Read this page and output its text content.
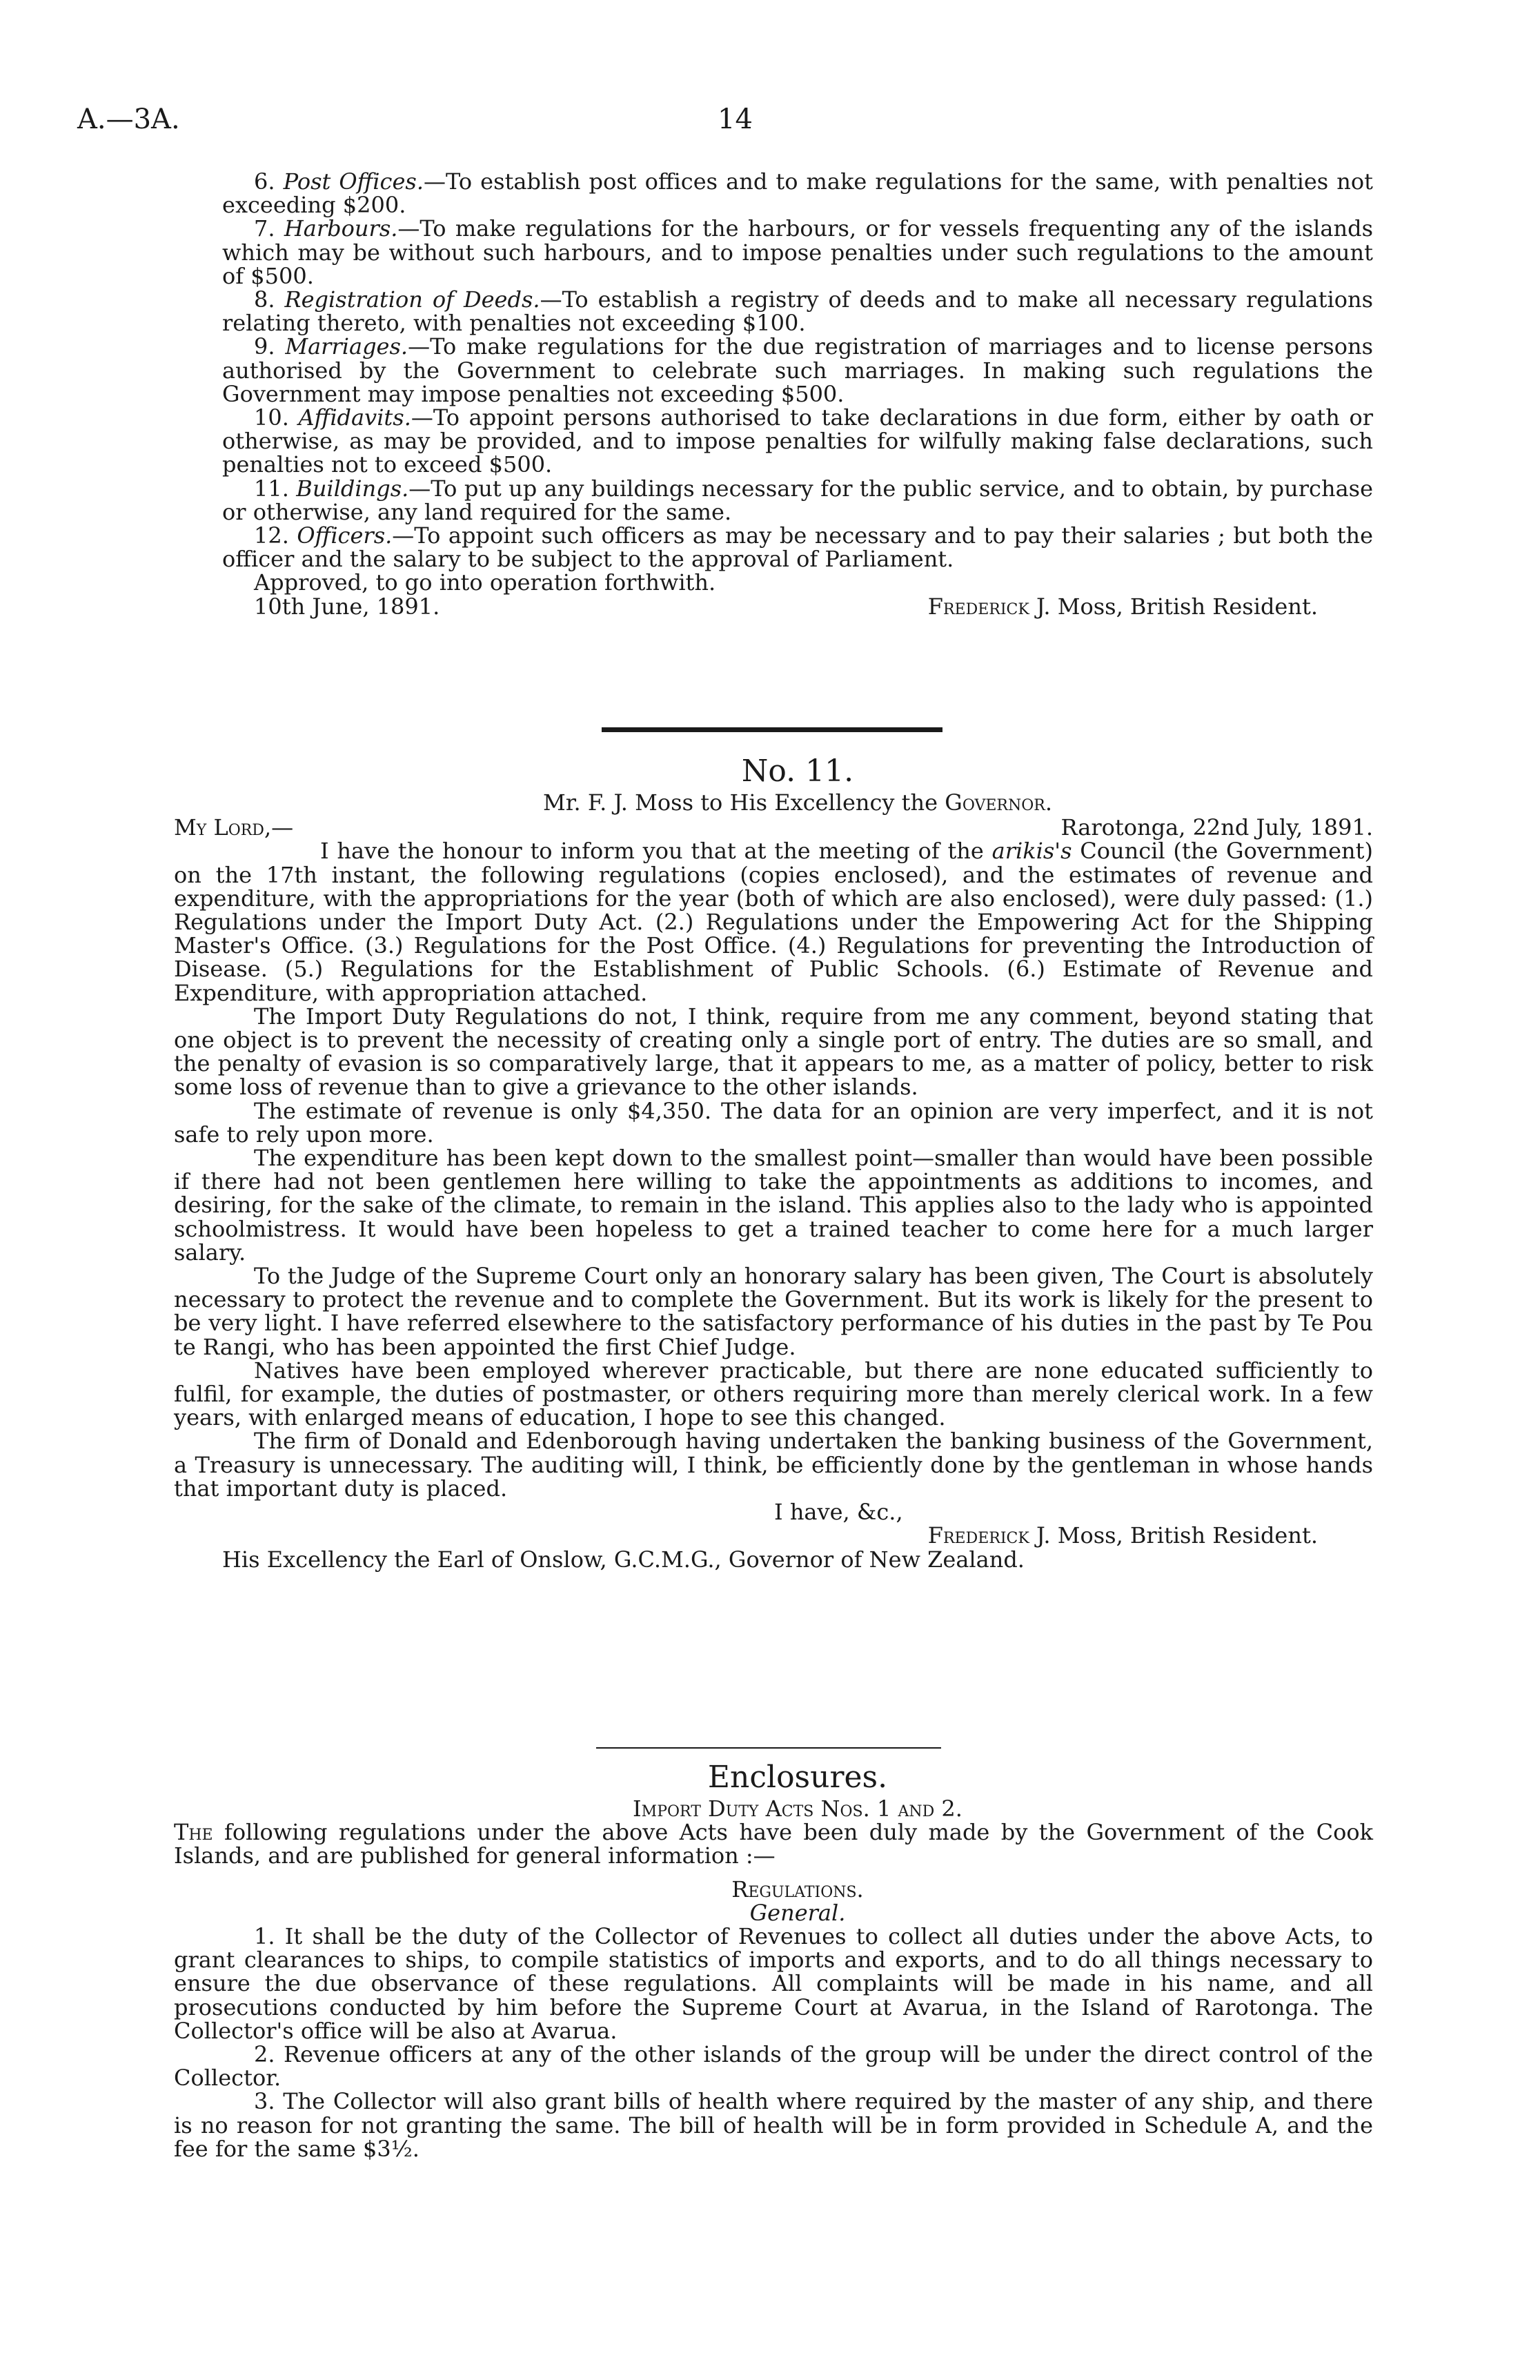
A.—3A.	14

6. Post Offices.—To establish post offices and to make regulations for the same, with penalties not exceeding $200.

7. Harbours.—To make regulations for the harbours, or for vessels frequenting any of the islands which may be without such harbours, and to impose penalties under such regulations to the amount of $500.

8. Registration of Deeds.—To establish a registry of deeds and to make all necessary regulations relating thereto, with penalties not exceeding $100.

9. Marriages.—To make regulations for the due registration of marriages and to license persons authorised by the Government to celebrate such marriages. In making such regulations the Government may impose penalties not exceeding $500.

10. Affidavits.—To appoint persons authorised to take declarations in due form, either by oath or otherwise, as may be provided, and to impose penalties for wilfully making false declarations, such penalties not to exceed $500.

11. Buildings.—To put up any buildings necessary for the public service, and to obtain, by purchase or otherwise, any land required for the same.

12. Officers.—To appoint such officers as may be necessary and to pay their salaries ; but both the officer and the salary to be subject to the approval of Parliament.

Approved, to go into operation forthwith.

10th June, 1891.	Frederick J. Moss, British Resident.

No. 11.

Mr. F. J. Moss to His Excellency the Governor.

My Lord,—	Rarotonga, 22nd July, 1891.

I have the honour to inform you that at the meeting of the arikis's Council (the Government) on the 17th instant, the following regulations (copies enclosed), and the estimates of revenue and expenditure, with the appropriations for the year (both of which are also enclosed), were duly passed: (1.) Regulations under the Import Duty Act. (2.) Regulations under the Empowering Act for the Shipping Master's Office. (3.) Regulations for the Post Office. (4.) Regulations for preventing the Introduction of Disease. (5.) Regulations for the Establishment of Public Schools. (6.) Estimate of Revenue and Expenditure, with appropriation attached.

The Import Duty Regulations do not, I think, require from me any comment, beyond stating that one object is to prevent the necessity of creating only a single port of entry. The duties are so small, and the penalty of evasion is so comparatively large, that it appears to me, as a matter of policy, better to risk some loss of revenue than to give a grievance to the other islands.

The estimate of revenue is only $4,350. The data for an opinion are very imperfect, and it is not safe to rely upon more.

The expenditure has been kept down to the smallest point—smaller than would have been possible if there had not been gentlemen here willing to take the appointments as additions to incomes, and desiring, for the sake of the climate, to remain in the island. This applies also to the lady who is appointed schoolmistress. It would have been hopeless to get a trained teacher to come here for a much larger salary.

To the Judge of the Supreme Court only an honorary salary has been given, The Court is absolutely necessary to protect the revenue and to complete the Government. But its work is likely for the present to be very light. I have referred elsewhere to the satisfactory performance of his duties in the past by Te Pou te Rangi, who has been appointed the first Chief Judge.

Natives have been employed wherever practicable, but there are none educated sufficiently to fulfil, for example, the duties of postmaster, or others requiring more than merely clerical work. In a few years, with enlarged means of education, I hope to see this changed.

The firm of Donald and Edenborough having undertaken the banking business of the Government, a Treasury is unnecessary. The auditing will, I think, be efficiently done by the gentleman in whose hands that important duty is placed.

I have, &c.,

Frederick J. Moss, British Resident.

His Excellency the Earl of Onslow, G.C.M.G., Governor of New Zealand.

Enclosures.

Import Duty Acts Nos. 1 and 2.

The following regulations under the above Acts have been duly made by the Government of the Cook Islands, and are published for general information :—

Regulations.

General.

1. It shall be the duty of the Collector of Revenues to collect all duties under the above Acts, to grant clearances to ships, to compile statistics of imports and exports, and to do all things necessary to ensure the due observance of these regulations. All complaints will be made in his name, and all prosecutions conducted by him before the Supreme Court at Avarua, in the Island of Rarotonga. The Collector's office will be also at Avarua.

2. Revenue officers at any of the other islands of the group will be under the direct control of the Collector.

3. The Collector will also grant bills of health where required by the master of any ship, and there is no reason for not granting the same. The bill of health will be in form provided in Schedule A, and the fee for the same $3½.
